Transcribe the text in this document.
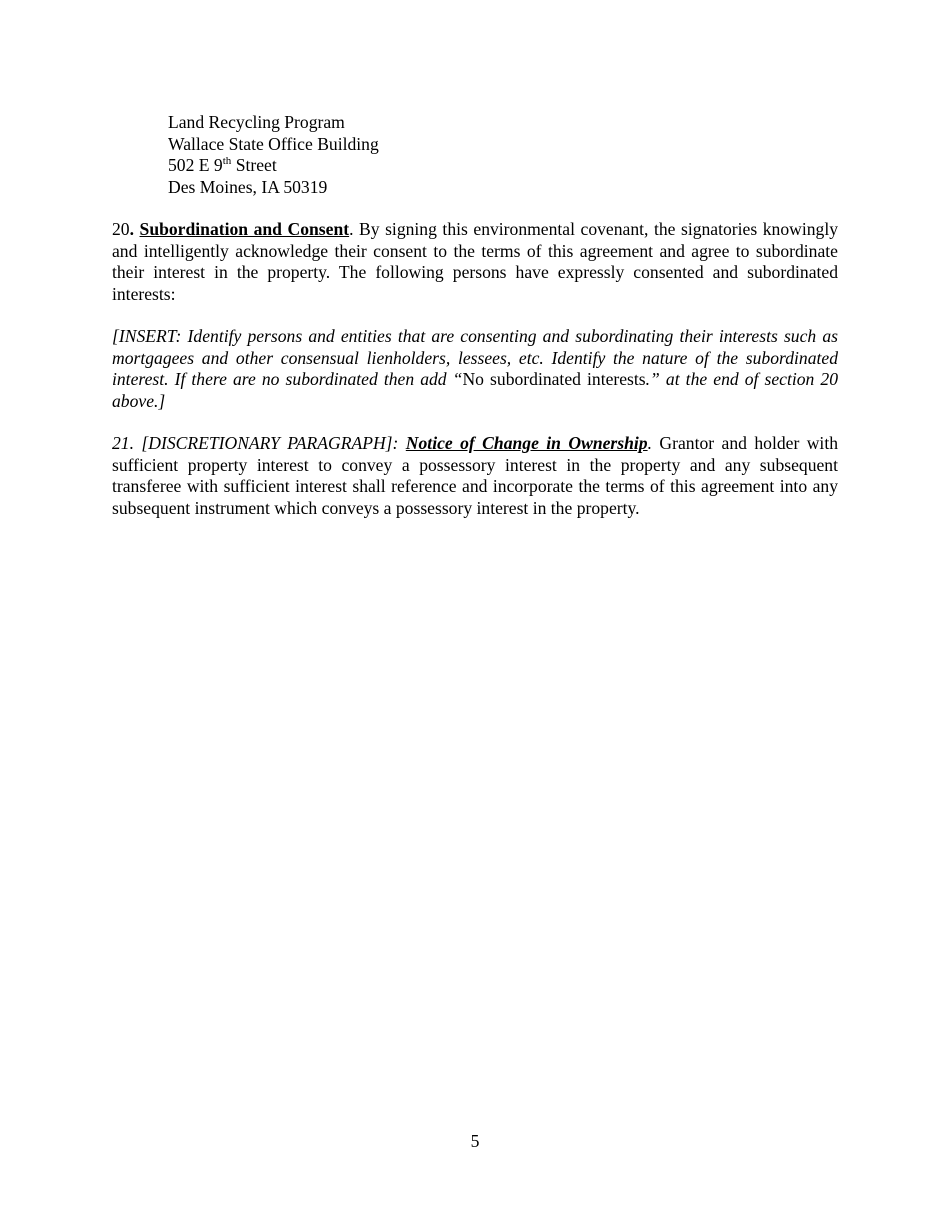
Land Recycling Program
Wallace State Office Building
502 E 9th Street
Des Moines, IA 50319

20. Subordination and Consent. By signing this environmental covenant, the signatories knowingly and intelligently acknowledge their consent to the terms of this agreement and agree to subordinate their interest in the property. The following persons have expressly consented and subordinated interests:

[INSERT: Identify persons and entities that are consenting and subordinating their interests such as mortgagees and other consensual lienholders, lessees, etc. Identify the nature of the subordinated interest. If there are no subordinated then add “No subordinated interests.” at the end of section 20 above.]

21. [DISCRETIONARY PARAGRAPH]: Notice of Change in Ownership. Grantor and holder with sufficient property interest to convey a possessory interest in the property and any subsequent transferee with sufficient interest shall reference and incorporate the terms of this agreement into any subsequent instrument which conveys a possessory interest in the property.

5
